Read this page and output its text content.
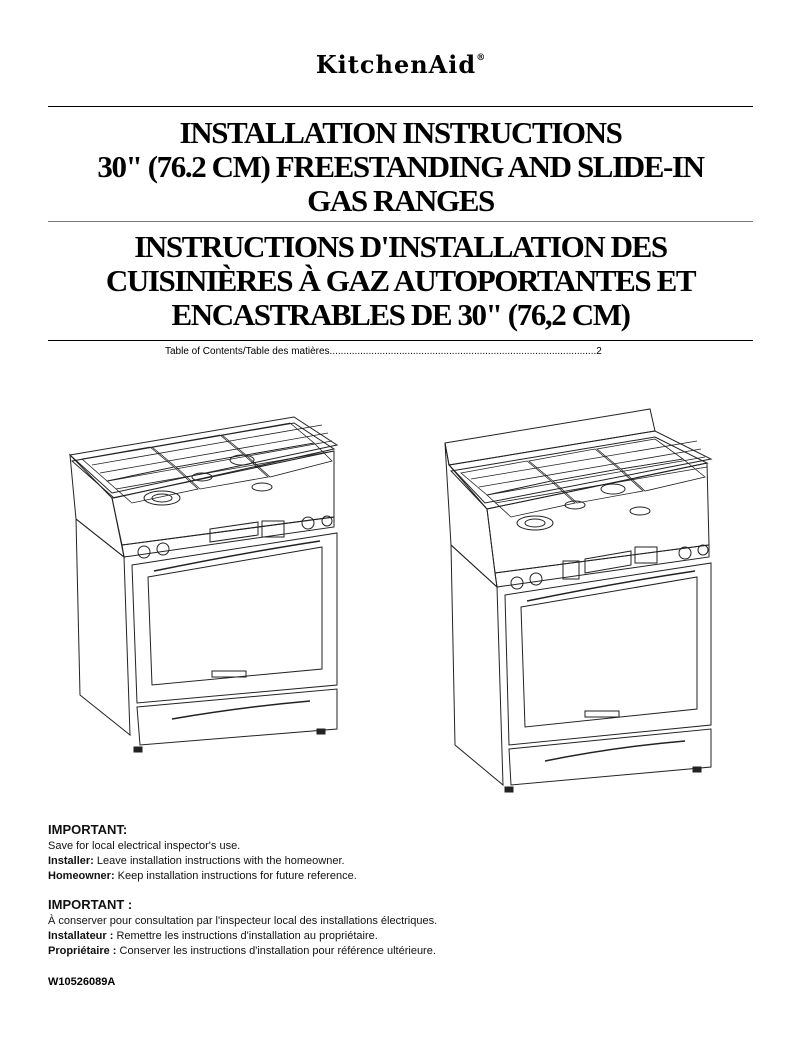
KitchenAid®
INSTALLATION INSTRUCTIONS
30" (76.2 CM) FREESTANDING AND SLIDE-IN
GAS RANGES
INSTRUCTIONS D'INSTALLATION DES
CUISINIÈRES À GAZ AUTOPORTANTES ET
ENCASTRABLES DE 30" (76,2 CM)
Table of Contents/Table des matières................................................................................................2
IMPORTANT:
Save for local electrical inspector's use.
Installer: Leave installation instructions with the homeowner.
Homeowner: Keep installation instructions for future reference.
IMPORTANT :
À conserver pour consultation par l'inspecteur local des installations électriques.
Installateur : Remettre les instructions d'installation au propriétaire.
Propriétaire : Conserver les instructions d'installation pour référence ultérieure.
W10526089A
